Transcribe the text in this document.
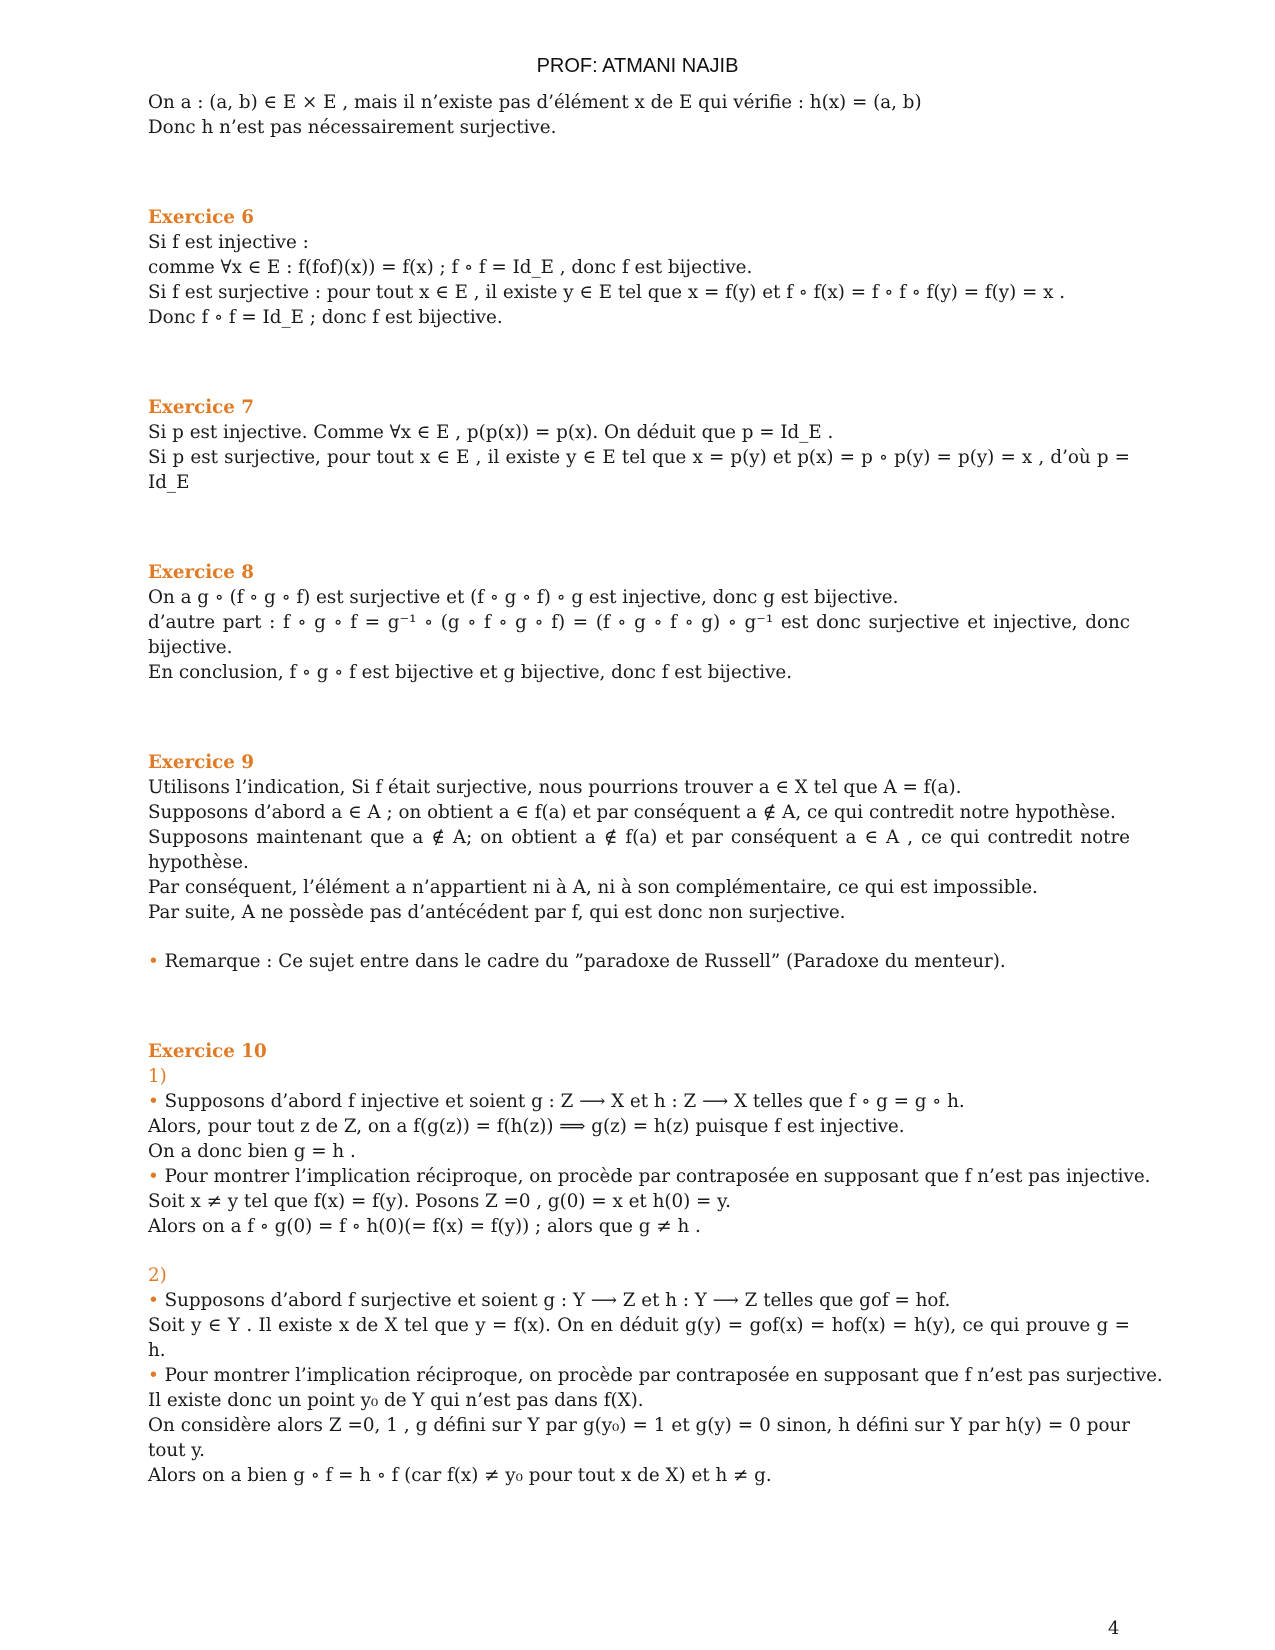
PROF: ATMANI NAJIB
On a : (a, b) ∈ E × E , mais il n’existe pas d’élément x de E qui vérifie : h(x) = (a, b)
Donc h n’est pas nécessairement surjective.
Exercice 6
Si f est injective :
comme ∀x ∈ E : f(fof)(x)) = f(x) ; f ∘ f = Id_E , donc f est bijective.
Si f est surjective : pour tout x ∈ E , il existe y ∈ E tel que x = f(y) et f ∘ f(x) = f ∘ f ∘ f(y) = f(y) = x .
Donc f ∘ f = Id_E ; donc f est bijective.
Exercice 7
Si p est injective. Comme ∀x ∈ E , p(p(x)) = p(x). On déduit que p = Id_E .
Si p est surjective, pour tout x ∈ E , il existe y ∈ E tel que x = p(y) et p(x) = p ∘ p(y) = p(y) = x , d’où p = Id_E
Exercice 8
On a g ∘ (f ∘ g ∘ f) est surjective et (f ∘ g ∘ f) ∘ g est injective, donc g est bijective.
d’autre part : f ∘ g ∘ f = g⁻¹ ∘ (g ∘ f ∘ g ∘ f) = (f ∘ g ∘ f ∘ g) ∘ g⁻¹ est donc surjective et injective, donc bijective.
En conclusion, f ∘ g ∘ f est bijective et g bijective, donc f est bijective.
Exercice 9
Utilisons l’indication, Si f était surjective, nous pourrions trouver a ∈ X tel que A = f(a).
Supposons d’abord a ∈ A ; on obtient a ∈ f(a) et par conséquent a ∉ A, ce qui contredit notre hypothèse.
Supposons maintenant que a ∉ A; on obtient a ∉ f(a) et par conséquent a ∈ A , ce qui contredit notre hypothèse.
Par conséquent, l’élément a n’appartient ni à A, ni à son complémentaire, ce qui est impossible.
Par suite, A ne possède pas d’antécédent par f, qui est donc non surjective.
• Remarque : Ce sujet entre dans le cadre du ”paradoxe de Russell” (Paradoxe du menteur).
Exercice 10
1)
• Supposons d’abord f injective et soient g : Z ⟶ X et h : Z ⟶ X telles que f ∘ g = g ∘ h.
Alors, pour tout z de Z, on a f(g(z)) = f(h(z)) ⟹ g(z) = h(z) puisque f est injective.
On a donc bien g = h .
• Pour montrer l’implication réciproque, on procède par contraposée en supposant que f n’est pas injective.
Soit x ≠ y tel que f(x) = f(y). Posons Z =0 , g(0) = x et h(0) = y.
Alors on a f ∘ g(0) = f ∘ h(0)(= f(x) = f(y)) ; alors que g ≠ h .
2)
• Supposons d’abord f surjective et soient g : Y ⟶ Z et h : Y ⟶ Z telles que gof = hof.
Soit y ∈ Y . Il existe x de X tel que y = f(x). On en déduit g(y) = gof(x) = hof(x) = h(y), ce qui prouve g = h.
• Pour montrer l’implication réciproque, on procède par contraposée en supposant que f n’est pas surjective.
Il existe donc un point y₀ de Y qui n’est pas dans f(X).
On considère alors Z =0, 1 , g défini sur Y par g(y₀) = 1 et g(y) = 0 sinon, h défini sur Y par h(y) = 0 pour tout y.
Alors on a bien g ∘ f = h ∘ f (car f(x) ≠ y₀ pour tout x de X) et h ≠ g.
4
